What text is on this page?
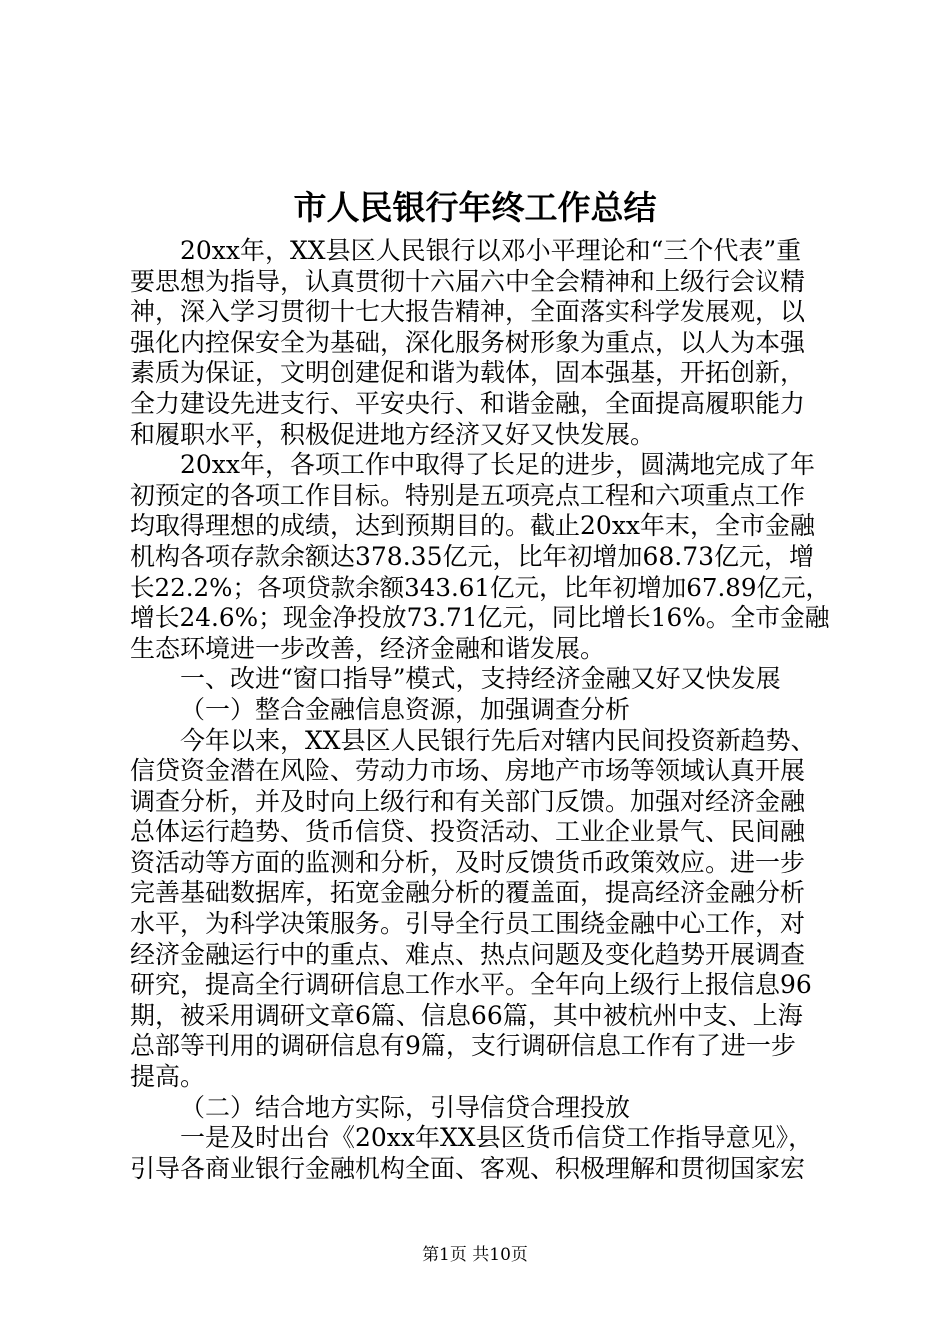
市人民银行年终工作总结
20xx年，XX县区人民银行以邓小平理论和“三个代表”重
要思想为指导，认真贯彻十六届六中全会精神和上级行会议精
神，深入学习贯彻十七大报告精神，全面落实科学发展观，以
强化内控保安全为基础，深化服务树形象为重点，以人为本强
素质为保证，文明创建促和谐为载体，固本强基，开拓创新，
全力建设先进支行、平安央行、和谐金融，全面提高履职能力
和履职水平，积极促进地方经济又好又快发展。
20xx年，各项工作中取得了长足的进步，圆满地完成了年
初预定的各项工作目标。特别是五项亮点工程和六项重点工作
均取得理想的成绩，达到预期目的。截止20xx年末，全市金融
机构各项存款余额达378.35亿元，比年初增加68.73亿元，增
长22.2%；各项贷款余额343.61亿元，比年初增加67.89亿元，
增长24.6%；现金净投放73.71亿元，同比增长16%。全市金融
生态环境进一步改善，经济金融和谐发展。
一、改进“窗口指导”模式，支持经济金融又好又快发展
（一）整合金融信息资源，加强调查分析
今年以来，XX县区人民银行先后对辖内民间投资新趋势、
信贷资金潜在风险、劳动力市场、房地产市场等领域认真开展
调查分析，并及时向上级行和有关部门反馈。加强对经济金融
总体运行趋势、货币信贷、投资活动、工业企业景气、民间融
资活动等方面的监测和分析，及时反馈货币政策效应。进一步
完善基础数据库，拓宽金融分析的覆盖面，提高经济金融分析
水平，为科学决策服务。引导全行员工围绕金融中心工作，对
经济金融运行中的重点、难点、热点问题及变化趋势开展调查
研究，提高全行调研信息工作水平。全年向上级行上报信息96
期，被采用调研文章6篇、信息66篇，其中被杭州中支、上海
总部等刊用的调研信息有9篇，支行调研信息工作有了进一步
提高。
（二）结合地方实际，引导信贷合理投放
一是及时出台《20xx年XX县区货币信贷工作指导意见》，
引导各商业银行金融机构全面、客观、积极理解和贯彻国家宏
第1页 共10页
